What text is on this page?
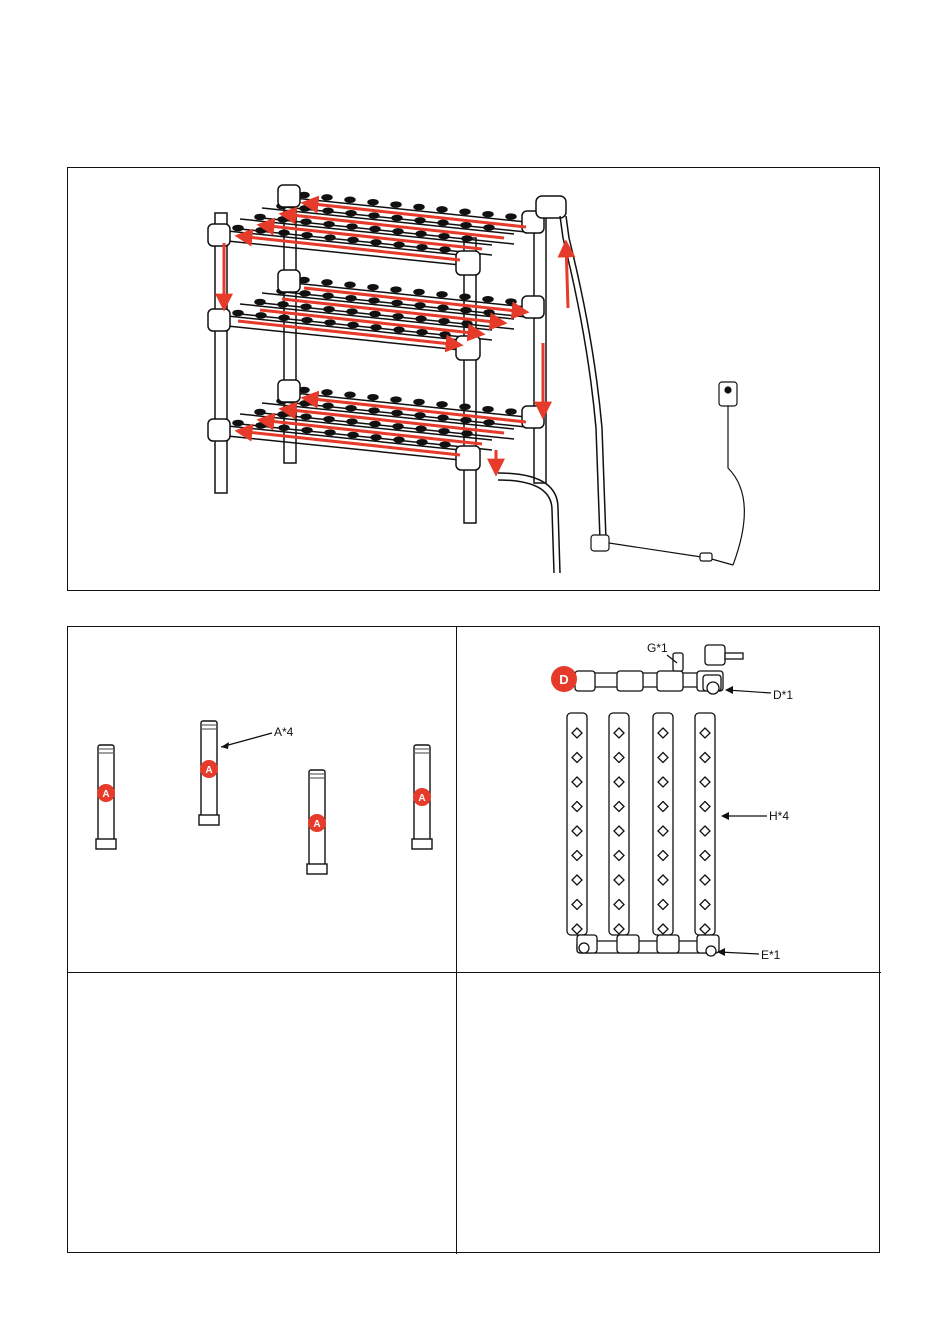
A
A
A
A
A*4
D
G*1
D*1
H*4
E*1
